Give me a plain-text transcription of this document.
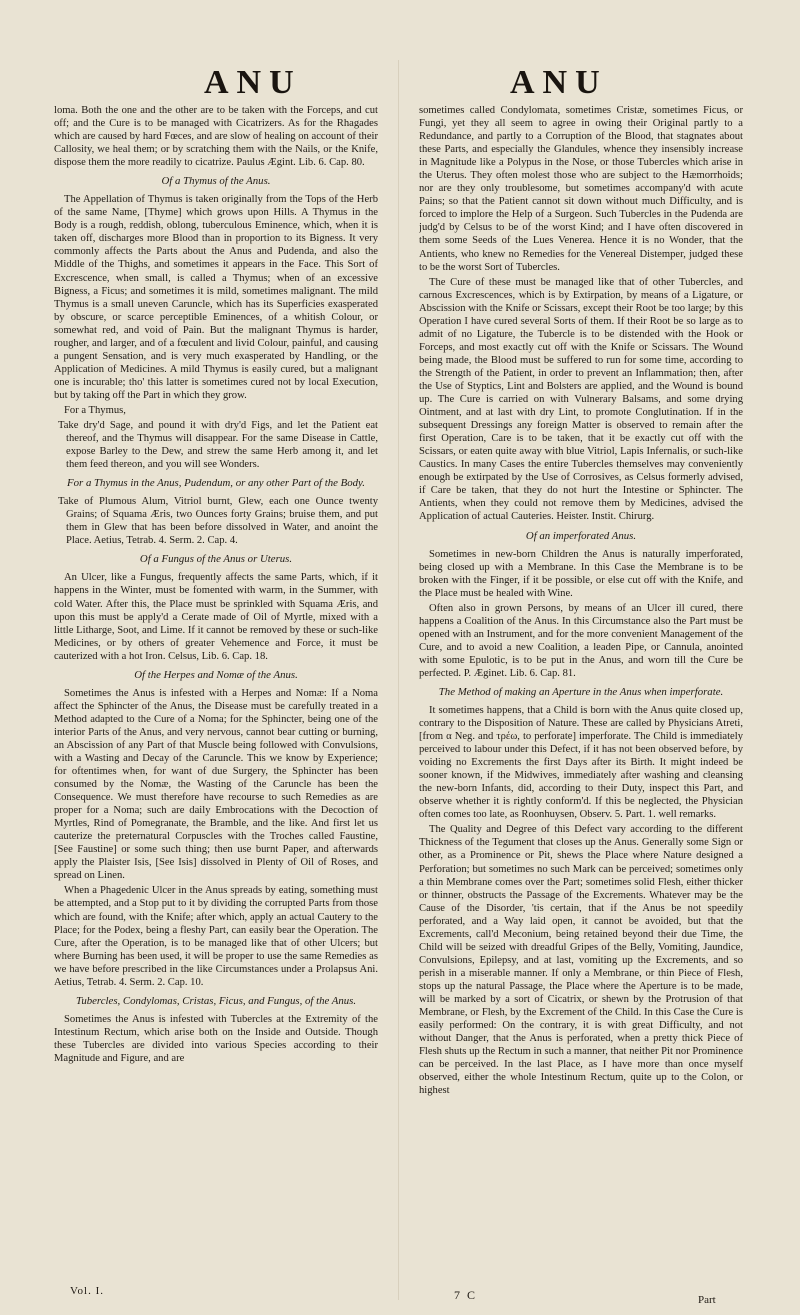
ANU	ANU

loma. Both the one and the other are to be taken with the Forceps, and cut off; and the Cure is to be managed with Cicatrizers. As for the Rhagades which are caused by hard Fœces, and are slow of healing on account of their Callosity, we heal them; or by scratching them with the Nails, or the Knife, dispose them the more readily to cicatrize. Paulus Ægint. Lib. 6. Cap. 80.

Of a Thymus of the Anus.

The Appellation of Thymus is taken originally from the Tops of the Herb of the same Name, [Thyme] which grows upon Hills. A Thymus in the Body is a rough, reddish, oblong, tuberculous Eminence, which, when it is taken off, discharges more Blood than in proportion to its Bigness. It very commonly affects the Parts about the Anus and Pudenda, and also the Middle of the Thighs, and sometimes it appears in the Face. This Sort of Excrescence, when small, is called a Thymus; when of an excessive Bigness, a Ficus; and sometimes it is mild, sometimes malignant. The mild Thymus is a small uneven Caruncle, which has its Superficies exasperated by obscure, or scarce perceptible Eminences, of a whitish Colour, or somewhat red, and void of Pain. But the malignant Thymus is harder, rougher, and larger, and of a fœculent and livid Colour, painful, and causing a pungent Sensation, and is very much exasperated by Handling, or the Application of Medicines. A mild Thymus is easily cured, but a malignant one is incurable; tho' this latter is sometimes cured not by local Execution, but by taking off the Part in which they grow.

For a Thymus,

Take dry'd Sage, and pound it with dry'd Figs, and let the Patient eat thereof, and the Thymus will disappear. For the same Disease in Cattle, expose Barley to the Dew, and strew the same Herb among it, and let them feed thereon, and you will see Wonders.

For a Thymus in the Anus, Pudendum, or any other Part of the Body.

Take of Plumous Alum, Vitriol burnt, Glew, each one Ounce twenty Grains; of Squama Æris, two Ounces forty Grains; bruise them, and put them in Glew that has been before dissolved in Water, and anoint the Place. Aetius, Tetrab. 4. Serm. 2. Cap. 4.

Of a Fungus of the Anus or Uterus.

An Ulcer, like a Fungus, frequently affects the same Parts, which, if it happens in the Winter, must be fomented with warm, in the Summer, with cold Water. After this, the Place must be sprinkled with Squama Æris, and upon this must be apply'd a Cerate made of Oil of Myrtle, mixed with a little Litharge, Soot, and Lime. If it cannot be removed by these or such-like Medicines, or by others of greater Vehemence and Force, it must be cauterized with a hot Iron. Celsus, Lib. 6. Cap. 18.

Of the Herpes and Nomæ of the Anus.

Sometimes the Anus is infested with a Herpes and Nomæ: If a Noma affect the Sphincter of the Anus, the Disease must be carefully treated in a Method adapted to the Cure of a Noma; for the Sphincter, being one of the interior Parts of the Anus, and very nervous, cannot bear cutting or burning, an Abscission of any Part of that Muscle being followed with Convulsions, with a Wasting and Decay of the Caruncle. This we know by Experience; for oftentimes when, for want of due Surgery, the Sphincter has been consumed by the Nomæ, the Wasting of the Caruncle has been the Consequence. We must therefore have recourse to such Remedies as are proper for a Noma; such are daily Embrocations with the Decoction of Myrtles, Rind of Pomegranate, the Bramble, and the like. And first let us cauterize the preternatural Corpuscles with the Troches called Faustine, [See Faustine] or some such thing; then use burnt Paper, and afterwards apply the Plaister Isis, [See Isis] dissolved in Plenty of Oil of Roses, and spread on Linen.

When a Phagedenic Ulcer in the Anus spreads by eating, something must be attempted, and a Stop put to it by dividing the corrupted Parts from those which are found, with the Knife; after which, apply an actual Cautery to the Place; for the Podex, being a fleshy Part, can easily bear the Operation. The Cure, after the Operation, is to be managed like that of other Ulcers; but where Burning has been used, it will be proper to use the same Remedies as we have before prescribed in the like Circumstances under a Prolapsus Ani. Aetius, Tetrab. 4. Serm. 2. Cap. 10.

Tubercles, Condylomas, Cristas, Ficus, and Fungus, of the Anus.

Sometimes the Anus is infested with Tubercles at the Extremity of the Intestinum Rectum, which arise both on the Inside and Outside. Though these Tubercles are divided into various Species according to their Magnitude and Figure, and are

sometimes called Condylomata, sometimes Cristæ, sometimes Ficus, or Fungi, yet they all seem to agree in owing their Original partly to a Redundance, and partly to a Corruption of the Blood, that stagnates about these Parts, and especially the Glandules, whence they insensibly increase in Magnitude like a Polypus in the Nose, or those Tubercles which arise in the Uterus. They often molest those who are subject to the Hæmorrhoids; nor are they only troublesome, but sometimes accompany'd with acute Pains; so that the Patient cannot sit down without much Difficulty, and is forced to implore the Help of a Surgeon. Such Tubercles in the Pudenda are judg'd by Celsus to be of the worst Kind; and I have often discovered in them some Seeds of the Lues Venerea. Hence it is no Wonder, that the Antients, who knew no Remedies for the Venereal Distemper, judged these to be the worst Sort of Tubercles.

The Cure of these must be managed like that of other Tubercles, and carnous Excrescences, which is by Extirpation, by means of a Ligature, or Abscission with the Knife or Scissars, except their Root be too large; by this Operation I have cured several Sorts of them. If their Root be so large as to admit of no Ligature, the Tubercle is to be distended with the Hook or Forceps, and most exactly cut off with the Knife or Scissars. The Wound being made, the Blood must be suffered to run for some time, according to the Strength of the Patient, in order to prevent an Inflammation; then, after the Use of Styptics, Lint and Bolsters are applied, and the Wound is bound up. The Cure is carried on with Vulnerary Balsams, and some drying Ointment, and at last with dry Lint, to promote Conglutination. If in the subsequent Dressings any foreign Matter is observed to remain after the first Operation, Care is to be taken, that it be exactly cut off with the Scissars, or eaten quite away with blue Vitriol, Lapis Infernalis, or such-like Caustics. In many Cases the entire Tubercles themselves may conveniently enough be extirpated by the Use of Corrosives, as Celsus formerly advised, if Care be taken, that they do not hurt the Intestine or Sphincter. The Antients, when they could not remove them by Medicines, advised the Application of actual Cauteries. Heister. Instit. Chirurg.

Of an imperforated Anus.

Sometimes in new-born Children the Anus is naturally imperforated, being closed up with a Membrane. In this Case the Membrane is to be broken with the Finger, if it be possible, or else cut off with the Knife, and the Place must be healed with Wine.

Often also in grown Persons, by means of an Ulcer ill cured, there happens a Coalition of the Anus. In this Circumstance also the Part must be opened with an Instrument, and for the more convenient Management of the Cure, and to avoid a new Coalition, a leaden Pipe, or Cannula, anointed with some Epulotic, is to be put in the Anus, and worn till the Cure be perfected. P. Æginet. Lib. 6. Cap. 81.

The Method of making an Aperture in the Anus when imperforate.

It sometimes happens, that a Child is born with the Anus quite closed up, contrary to the Disposition of Nature. These are called by Physicians Atreti, [from α Neg. and τρέω, to perforate] imperforate. The Child is immediately perceived to labour under this Defect, if it has not been observed before, by voiding no Excrements the first Days after its Birth. It might indeed be sooner known, if the Midwives, immediately after washing and cleansing the new-born Infants, did, according to their Duty, inspect this Part, and observe whether it is rightly conform'd. If this be neglected, the Physician often comes too late, as Roonhuysen, Observ. 5. Part. 1. well remarks.

The Quality and Degree of this Defect vary according to the different Thickness of the Tegument that closes up the Anus. Generally some Sign or other, as a Prominence or Pit, shews the Place where Nature designed a Perforation; but sometimes no such Mark can be perceived; sometimes only a thin Membrane comes over the Part; sometimes solid Flesh, either thicker or thinner, obstructs the Passage of the Excrements. Whatever may be the Cause of the Disorder, 'tis certain, that if the Anus be not speedily perforated, and a Way laid open, it cannot be avoided, but that the Excrements, call'd Meconium, being retained beyond their due Time, the Child will be seized with dreadful Gripes of the Belly, Vomiting, Jaundice, Convulsions, Epilepsy, and at last, vomiting up the Excrements, and so perish in a miserable manner. If only a Membrane, or thin Piece of Flesh, stops up the natural Passage, the Place where the Aperture is to be made, will be marked by a sort of Cicatrix, or shewn by the Protrusion of that Membrane, or Flesh, by the Excrement of the Child. In this Case the Cure is easily performed: On the contrary, it is with great Difficulty, and not without Danger, that the Anus is perforated, when a pretty thick Piece of Flesh shuts up the Rectum in such a manner, that neither Pit nor Prominence can be perceived. In the last Place, as I have more than once myself observed, either the whole Intestinum Rectum, quite up to the Colon, or highest

Vol. I.	7 C	Part
